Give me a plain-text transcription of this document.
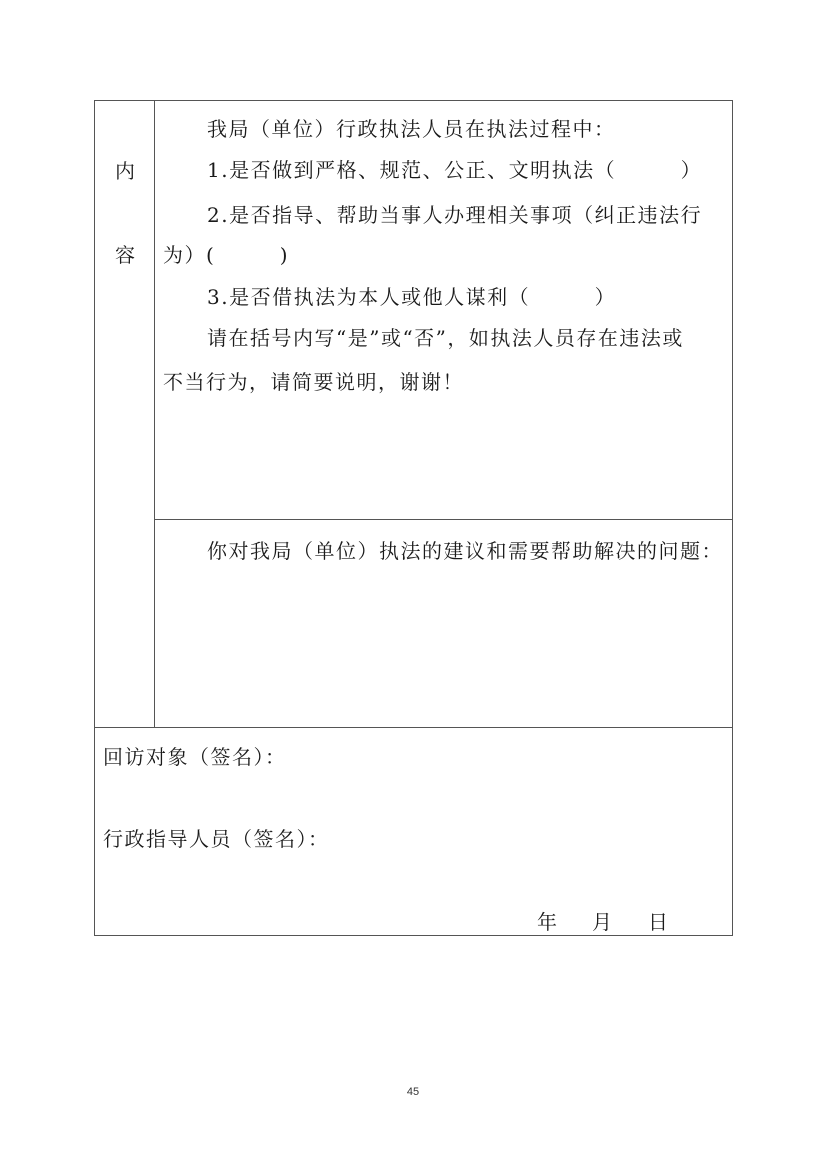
内
容
我局（单位）行政执法人员在执法过程中：
1.是否做到严格、规范、公正、文明执法（　　　）
2.是否指导、帮助当事人办理相关事项（纠正违法行
为）(　　　)
3.是否借执法为本人或他人谋利（　　　）
请在括号内写“是”或“否”，如执法人员存在违法或
不当行为，请简要说明，谢谢！
你对我局（单位）执法的建议和需要帮助解决的问题：
回访对象（签名）：
行政指导人员（签名）：
年 月 日
45
